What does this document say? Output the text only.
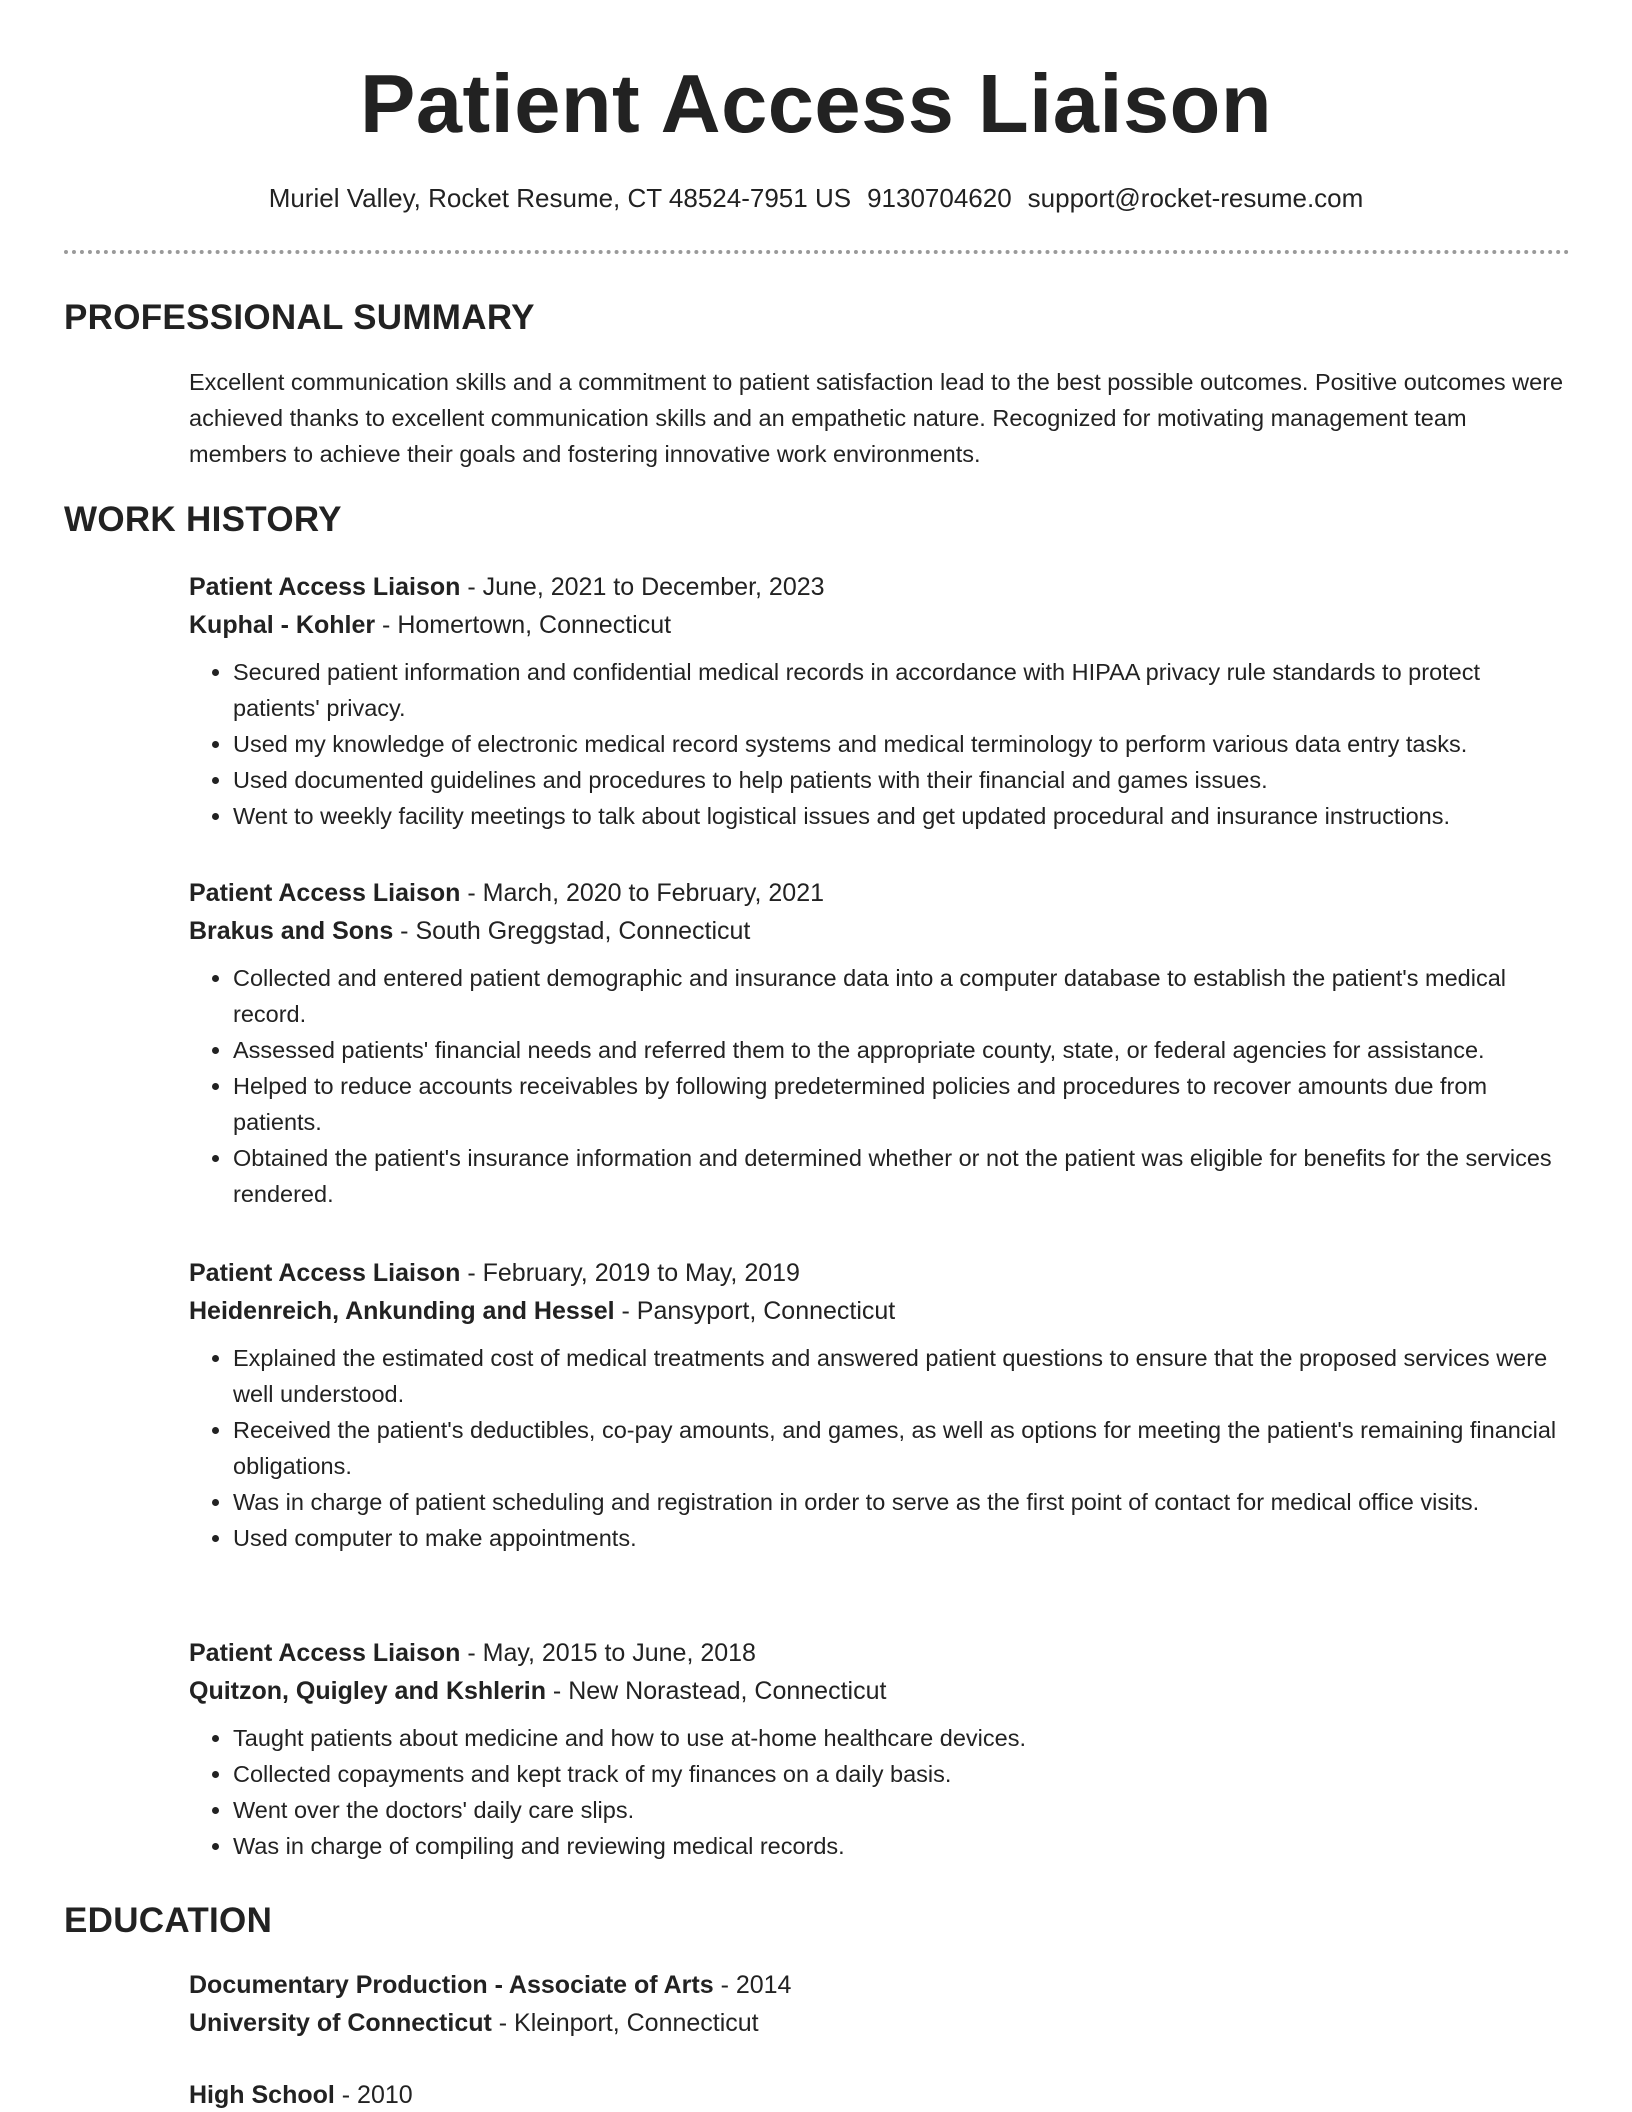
Patient Access Liaison
Muriel Valley, Rocket Resume, CT 48524-7951 US 9130704620 support@rocket-resume.com
PROFESSIONAL SUMMARY
Excellent communication skills and a commitment to patient satisfaction lead to the best possible outcomes. Positive outcomes were achieved thanks to excellent communication skills and an empathetic nature. Recognized for motivating management team members to achieve their goals and fostering innovative work environments.
WORK HISTORY
Patient Access Liaison - June, 2021 to December, 2023
Kuphal - Kohler - Homertown, Connecticut
• Secured patient information and confidential medical records in accordance with HIPAA privacy rule standards to protect patients' privacy.
• Used my knowledge of electronic medical record systems and medical terminology to perform various data entry tasks.
• Used documented guidelines and procedures to help patients with their financial and games issues.
• Went to weekly facility meetings to talk about logistical issues and get updated procedural and insurance instructions.
Patient Access Liaison - March, 2020 to February, 2021
Brakus and Sons - South Greggstad, Connecticut
• Collected and entered patient demographic and insurance data into a computer database to establish the patient's medical record.
• Assessed patients' financial needs and referred them to the appropriate county, state, or federal agencies for assistance.
• Helped to reduce accounts receivables by following predetermined policies and procedures to recover amounts due from patients.
• Obtained the patient's insurance information and determined whether or not the patient was eligible for benefits for the services rendered.
Patient Access Liaison - February, 2019 to May, 2019
Heidenreich, Ankunding and Hessel - Pansyport, Connecticut
• Explained the estimated cost of medical treatments and answered patient questions to ensure that the proposed services were well understood.
• Received the patient's deductibles, co-pay amounts, and games, as well as options for meeting the patient's remaining financial obligations.
• Was in charge of patient scheduling and registration in order to serve as the first point of contact for medical office visits.
• Used computer to make appointments.
Patient Access Liaison - May, 2015 to June, 2018
Quitzon, Quigley and Kshlerin - New Norastead, Connecticut
• Taught patients about medicine and how to use at-home healthcare devices.
• Collected copayments and kept track of my finances on a daily basis.
• Went over the doctors' daily care slips.
• Was in charge of compiling and reviewing medical records.
EDUCATION
Documentary Production - Associate of Arts - 2014
University of Connecticut - Kleinport, Connecticut
High School - 2010
